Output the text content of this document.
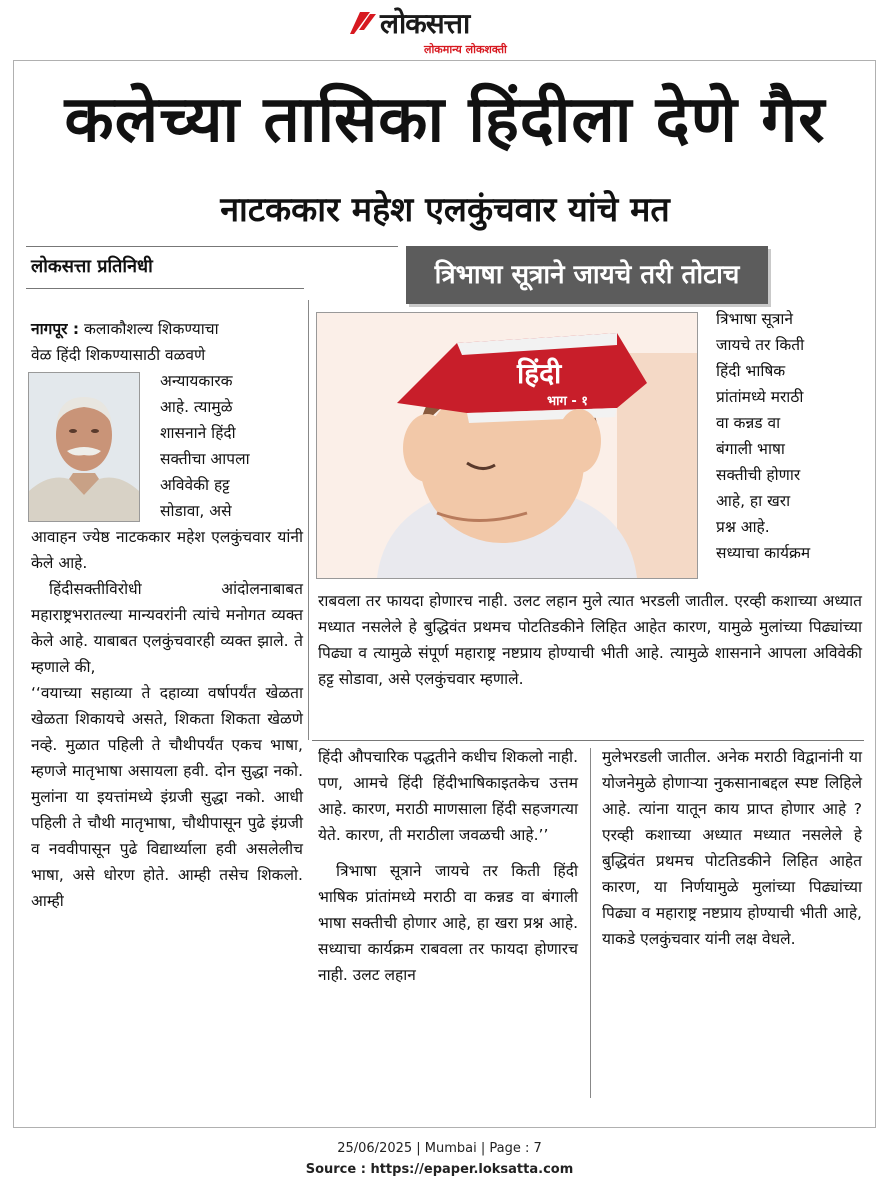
लोकसत्ता
लोकमान्य लोकशक्ती
कलेच्या तासिका हिंदीला देणे गैर
नाटककार महेश एलकुंचवार यांचे मत
लोकसत्ता प्रतिनिधी	त्रिभाषा सूत्राने जायचे तरी तोटाच

नागपूर : कलाकौशल्य शिकण्याचा

वेळ हिंदी शिकण्यासाठी वळवणे

अन्यायकारक

आहे. त्यामुळे

शासनाने हिंदी

सक्तीचा आपला

अविवेकी हट्ट

सोडावा, असे

आवाहन ज्येष्ठ नाटककार महेश एलकुंचवार यांनी केले आहे.

हिंदीसक्तीविरोधी आंदोलनाबाबत महाराष्ट्रभरातल्या मान्यवरांनी त्यांचे मनोगत व्यक्त केले आहे. याबाबत एलकुंचवारही व्यक्त झाले. ते म्हणाले की,

‘‘वयाच्या सहाव्या ते दहाव्या वर्षापर्यंत खेळता खेळता शिकायचे असते, शिकता शिकता खेळणे नव्हे. मुळात पहिली ते चौथीपर्यंत एकच भाषा, म्हणजे मातृभाषा असायला हवी. दोन सुद्धा नको. मुलांना या इयत्तांमध्ये इंग्रजी सुद्धा नको. आधी पहिली ते चौथी मातृभाषा, चौथीपासून पुढे इंग्रजी व नववीपासून पुढे विद्यार्थ्याला हवी असलेलीच भाषा, असे धोरण होते. आम्ही तसेच शिकलो. आम्ही

हिंदी
भाग - १

त्रिभाषा सूत्राने

जायचे तर किती

हिंदी भाषिक

प्रांतांमध्ये मराठी

वा कन्नड वा

बंगाली भाषा

सक्तीची होणार

आहे, हा खरा

प्रश्न आहे.

सध्याचा कार्यक्रम

राबवला तर फायदा होणारच नाही. उलट लहान मुले त्यात भरडली जातील. एरव्ही कशाच्या अध्यात मध्यात नसलेले हे बुद्धिवंत प्रथमच पोटतिडकीने लिहित आहेत कारण, यामुळे मुलांच्या पिढ्यांच्या पिढ्या व त्यामुळे संपूर्ण महाराष्ट्र नष्टप्राय होण्याची भीती आहे. त्यामुळे शासनाने आपला अविवेकी हट्ट सोडावा, असे एलकुंचवार म्हणाले.

हिंदी औपचारिक पद्धतीने कधीच शिकलो नाही. पण, आमचे हिंदी हिंदीभाषिकाइतकेच उत्तम आहे. कारण, मराठी माणसाला हिंदी सहजगत्या येते. कारण, ती मराठीला जवळची आहे.’’

त्रिभाषा सूत्राने जायचे तर किती हिंदी भाषिक प्रांतांमध्ये मराठी वा कन्नड वा बंगाली भाषा सक्तीची होणार आहे, हा खरा प्रश्न आहे. सध्याचा कार्यक्रम राबवला तर फायदा होणारच नाही. उलट लहान

मुलेभरडली जातील. अनेक मराठी विद्वानांनी या योजनेमुळे होणाऱ्या नुकसानाबद्दल स्पष्ट लिहिले आहे. त्यांना यातून काय प्राप्त होणार आहे ? एरव्ही कशाच्या अध्यात मध्यात नसलेले हे बुद्धिवंत प्रथमच पोटतिडकीने लिहित आहेत कारण, या निर्णयामुळे मुलांच्या पिढ्यांच्या पिढ्या व महाराष्ट्र नष्टप्राय होण्याची भीती आहे, याकडे एलकुंचवार यांनी लक्ष वेधले.

25/06/2025 | Mumbai | Page : 7
Source : https://epaper.loksatta.com
